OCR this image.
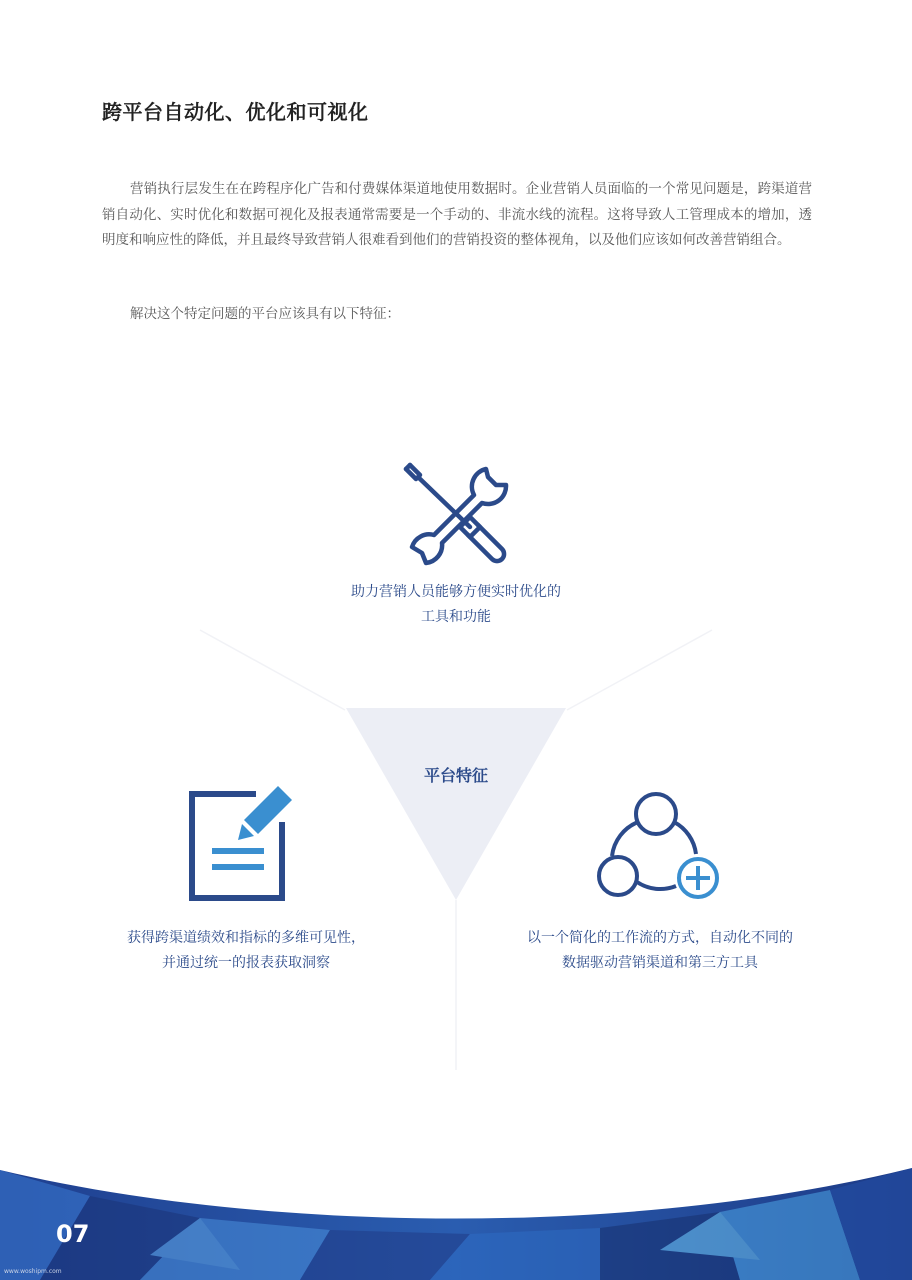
跨平台自动化、优化和可视化

营销执行层发生在在跨程序化广告和付费媒体渠道地使用数据时。企业营销人员面临的一个常见问题是，跨渠道营销自动化、实时优化和数据可视化及报表通常需要是一个手动的、非流水线的流程。这将导致人工管理成本的增加，透明度和响应性的降低，并且最终导致营销人很难看到他们的营销投资的整体视角，以及他们应该如何改善营销组合。

解决这个特定问题的平台应该具有以下特征：

助力营销人员能够方便实时优化的
工具和功能
平台特征
获得跨渠道绩效和指标的多维可见性，
并通过统一的报表获取洞察
以一个简化的工作流的方式，自动化不同的
数据驱动营销渠道和第三方工具
07
www.woshipm.com
